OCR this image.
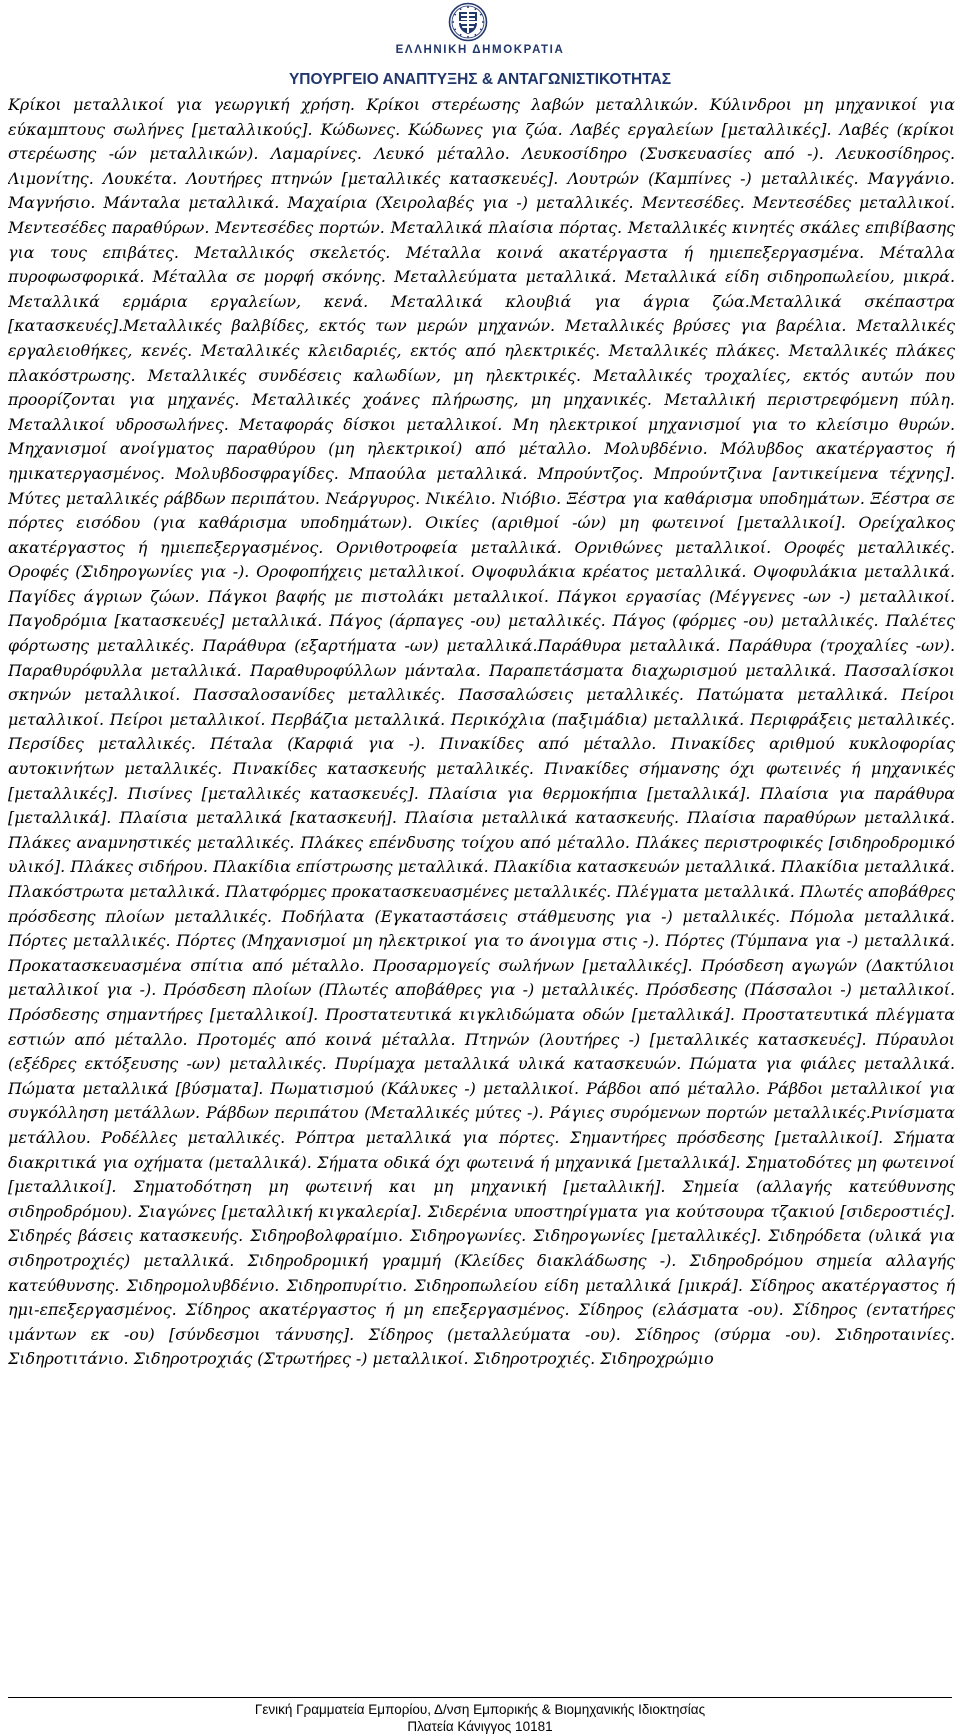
ΕΛΛΗΝΙΚΗ ΔΗΜΟΚΡΑΤΙΑ
ΥΠΟΥΡΓΕΙΟ ΑΝΑΠΤΥΞΗΣ & ΑΝΤΑΓΩΝΙΣΤΙΚΟΤΗΤΑΣ
Κρίκοι μεταλλικοί για γεωργική χρήση. Κρίκοι στερέωσης λαβών μεταλλικών. Κύλινδροι μη μηχανικοί για εύκαμπτους σωλήνες [μεταλλικούς]. Κώδωνες. Κώδωνες για ζώα. Λαβές εργαλείων [μεταλλικές]. Λαβές (κρίκοι στερέωσης -ών μεταλλικών). Λαμαρίνες. Λευκό μέταλλο. Λευκοσίδηρο (Συσκευασίες από -). Λευκοσίδηρος. Λιμονίτης. Λουκέτα. Λουτήρες πτηνών [μεταλλικές κατασκευές]. Λουτρών (Καμπίνες -) μεταλλικές. Μαγγάνιο. Μαγνήσιο. Μάνταλα μεταλλικά. Μαχαίρια (Χειρολαβές για -) μεταλλικές. Μεντεσέδες. Μεντεσέδες μεταλλικοί. Μεντεσέδες παραθύρων. Μεντεσέδες πορτών. Μεταλλικά πλαίσια πόρτας. Μεταλλικές κινητές σκάλες επιβίβασης για τους επιβάτες. Μεταλλικός σκελετός. Μέταλλα κοινά ακατέργαστα ή ημιεπεξεργασμένα. Μέταλλα πυροφωσφορικά. Μέταλλα σε μορφή σκόνης. Μεταλλεύματα μεταλλικά. Μεταλλικά είδη σιδηροπωλείου, μικρά. Μεταλλικά ερμάρια εργαλείων, κενά. Μεταλλικά κλουβιά για άγρια ζώα.Μεταλλικά σκέπαστρα [κατασκευές].Μεταλλικές βαλβίδες, εκτός των μερών μηχανών. Μεταλλικές βρύσες για βαρέλια. Μεταλλικές εργαλειοθήκες, κενές. Μεταλλικές κλειδαριές, εκτός από ηλεκτρικές. Μεταλλικές πλάκες. Μεταλλικές πλάκες πλακόστρωσης. Μεταλλικές συνδέσεις καλωδίων, μη ηλεκτρικές. Μεταλλικές τροχαλίες, εκτός αυτών που προορίζονται για μηχανές. Μεταλλικές χοάνες πλήρωσης, μη μηχανικές. Μεταλλική περιστρεφόμενη πύλη. Μεταλλικοί υδροσωλήνες. Μεταφοράς δίσκοι μεταλλικοί. Μη ηλεκτρικοί μηχανισμοί για το κλείσιμο θυρών. Μηχανισμοί ανοίγματος παραθύρου (μη ηλεκτρικοί) από μέταλλο. Μολυβδένιο. Μόλυβδος ακατέργαστος ή ημικατεργασμένος. Μολυβδοσφραγίδες. Μπαούλα μεταλλικά. Μπρούντζος. Μπρούντζινα [αντικείμενα τέχνης]. Μύτες μεταλλικές ράβδων περιπάτου. Νεάργυρος. Νικέλιο. Νιόβιο. Ξέστρα για καθάρισμα υποδημάτων. Ξέστρα σε πόρτες εισόδου (για καθάρισμα υποδημάτων). Οικίες (αριθμοί -ών) μη φωτεινοί [μεταλλικοί]. Ορείχαλκος ακατέργαστος ή ημιεπεξεργασμένος. Ορνιθοτροφεία μεταλλικά. Ορνιθώνες μεταλλικοί. Οροφές μεταλλικές. Οροφές (Σιδηρογωνίες για -). Οροφοπήχεις μεταλλικοί. Οψοφυλάκια κρέατος μεταλλικά. Οψοφυλάκια μεταλλικά. Παγίδες άγριων ζώων. Πάγκοι βαφής με πιστολάκι μεταλλικοί. Πάγκοι εργασίας (Μέγγενες -ων -) μεταλλικοί. Παγοδρόμια [κατασκευές] μεταλλικά. Πάγος (άρπαγες -ου) μεταλλικές. Πάγος (φόρμες -ου) μεταλλικές. Παλέτες φόρτωσης μεταλλικές. Παράθυρα (εξαρτήματα -ων) μεταλλικά.Παράθυρα μεταλλικά. Παράθυρα (τροχαλίες -ων). Παραθυρόφυλλα μεταλλικά. Παραθυροφύλλων μάνταλα. Παραπετάσματα διαχωρισμού μεταλλικά. Πασσαλίσκοι σκηνών μεταλλικοί. Πασσαλοσανίδες μεταλλικές. Πασσαλώσεις μεταλλικές. Πατώματα μεταλλικά. Πείροι μεταλλικοί. Πείροι μεταλλικοί. Περβάζια μεταλλικά. Περικόχλια (παξιμάδια) μεταλλικά. Περιφράξεις μεταλλικές. Περσίδες μεταλλικές. Πέταλα (Καρφιά για -). Πινακίδες από μέταλλο. Πινακίδες αριθμού κυκλοφορίας αυτοκινήτων μεταλλικές. Πινακίδες κατασκευής μεταλλικές. Πινακίδες σήμανσης όχι φωτεινές ή μηχανικές [μεταλλικές]. Πισίνες [μεταλλικές κατασκευές]. Πλαίσια για θερμοκήπια [μεταλλικά]. Πλαίσια για παράθυρα [μεταλλικά]. Πλαίσια μεταλλικά [κατασκευή]. Πλαίσια μεταλλικά κατασκευής. Πλαίσια παραθύρων μεταλλικά. Πλάκες αναμνηστικές μεταλλικές. Πλάκες επένδυσης τοίχου από μέταλλο. Πλάκες περιστροφικές [σιδηροδρομικό υλικό]. Πλάκες σιδήρου. Πλακίδια επίστρωσης μεταλλικά. Πλακίδια κατασκευών μεταλλικά. Πλακίδια μεταλλικά. Πλακόστρωτα μεταλλικά. Πλατφόρμες προκατασκευασμένες μεταλλικές. Πλέγματα μεταλλικά. Πλωτές αποβάθρες πρόσδεσης πλοίων μεταλλικές. Ποδήλατα (Εγκαταστάσεις στάθμευσης για -) μεταλλικές. Πόμολα μεταλλικά. Πόρτες μεταλλικές. Πόρτες (Μηχανισμοί μη ηλεκτρικοί για το άνοιγμα στις -). Πόρτες (Τύμπανα για -) μεταλλικά. Προκατασκευασμένα σπίτια από μέταλλο. Προσαρμογείς σωλήνων [μεταλλικές]. Πρόσδεση αγωγών (Δακτύλιοι μεταλλικοί για -). Πρόσδεση πλοίων (Πλωτές αποβάθρες για -) μεταλλικές. Πρόσδεσης (Πάσσαλοι -) μεταλλικοί. Πρόσδεσης σημαντήρες [μεταλλικοί]. Προστατευτικά κιγκλιδώματα οδών [μεταλλικά]. Προστατευτικά πλέγματα εστιών από μέταλλο. Προτομές από κοινά μέταλλα. Πτηνών (λουτήρες -) [μεταλλικές κατασκευές]. Πύραυλοι (εξέδρες εκτόξευσης -ων) μεταλλικές. Πυρίμαχα μεταλλικά υλικά κατασκευών. Πώματα για φιάλες μεταλλικά. Πώματα μεταλλικά [βύσματα]. Πωματισμού (Κάλυκες -) μεταλλικοί. Ράβδοι από μέταλλο. Ράβδοι μεταλλικοί για συγκόλληση μετάλλων. Ράβδων περιπάτου (Μεταλλικές μύτες -). Ράγιες συρόμενων πορτών μεταλλικές.Ρινίσματα μετάλλου. Ροδέλλες μεταλλικές. Ρόπτρα μεταλλικά για πόρτες. Σημαντήρες πρόσδεσης [μεταλλικοί]. Σήματα διακριτικά για οχήματα (μεταλλικά). Σήματα οδικά όχι φωτεινά ή μηχανικά [μεταλλικά]. Σηματοδότες μη φωτεινοί [μεταλλικοί]. Σηματοδότηση μη φωτεινή και μη μηχανική [μεταλλική]. Σημεία (αλλαγής κατεύθυνσης σιδηροδρόμου). Σιαγώνες [μεταλλική κιγκαλερία]. Σιδερένια υποστηρίγματα για κούτσουρα τζακιού [σιδεροστιές]. Σιδηρές βάσεις κατασκευής. Σιδηροβολφραίμιο. Σιδηρογωνίες. Σιδηρογωνίες [μεταλλικές]. Σιδηρόδετα (υλικά για σιδηροτροχιές) μεταλλικά. Σιδηροδρομική γραμμή (Κλείδες διακλάδωσης -). Σιδηροδρόμου σημεία αλλαγής κατεύθυνσης. Σιδηρομολυβδένιο. Σιδηροπυρίτιο. Σιδηροπωλείου είδη μεταλλικά [μικρά]. Σίδηρος ακατέργαστος ή ημι-επεξεργασμένος. Σίδηρος ακατέργαστος ή μη επεξεργασμένος. Σίδηρος (ελάσματα -ου). Σίδηρος (εντατήρες ιμάντων εκ -ου) [σύνδεσμοι τάνυσης]. Σίδηρος (μεταλλεύματα -ου). Σίδηρος (σύρμα -ου). Σιδηροταινίες. Σιδηροτιτάνιο. Σιδηροτροχιάς (Στρωτήρες -) μεταλλικοί. Σιδηροτροχιές. Σιδηροχρώμιο
Γενική Γραμματεία Εμπορίου, Δ/νση Εμπορικής & Βιομηχανικής Ιδιοκτησίας
Πλατεία Κάνιγγος 10181
